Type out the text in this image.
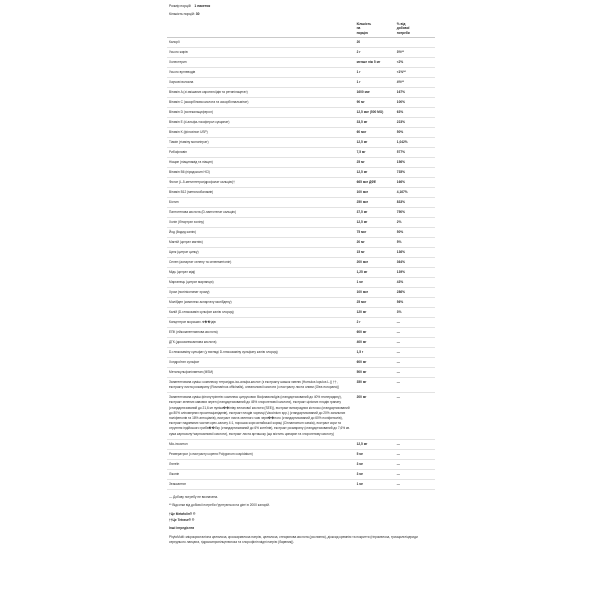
Розмір порцій 1 пакетик
Кількість порцій: 30
	Кількість
на
порцію	% від
добової
потреби
Калорії	20	
Усього жирів	2 г	3%**
Холестерин	менше ніж 5 мг	<2%
Усього вуглеводів	1 г	<1%**
Харчові волокна	1 г	4%**
Вітамін A (зі змішаних каротиноїдів та ретинілацетат)	1600 мкг	167%
Вітамін C (аскорбінова кислота та аскорбілпальмітат)	90 мг	100%
Вітамін D (холекальциферол)	12,5 мкг (500 МО)	63%
Вітамін E (d-альфа-токоферол сукцинат)	33,5 мг	223%
Вітамін K (філохінон USP)	60 мкг	50%
Тіамін (тіаміну мононітрат)	12,5 мг	1,042%
Рибофлавін	7,5 мг	577%
Ніацин (ніацинамід та ніацин)	25 мг	156%
Вітамін B6 (піридоксин HCl)	12,5 мг	735%
Фолат (L-5-метилтетрагідрофолат кальцію)†	665 мкг ДФЕ	166%
Вітамін B12 (метилкобаламін)	100 мкг	4,167%
Біотин	250 мкг	833%
Пантотенова кислота (D-пантотенат кальцію)	37,5 мг	750%
Холін (бітартрат холіну)	12,5 мг	2%
Йод (йодид калію)	75 мкг	50%
Магній (цитрат магнію)	20 мг	5%
Цинк (цитрат цинку)	15 мг	136%
Селен (аспартат селену та селенметіонін)	200 мкг	364%
Мідь (цитрат міді)	1,25 мг	139%
Марганець (цитрат марганцю)	1 мг	43%
Хром (полінікотинат хрому)	100 мкг	286%
Молібден (комплекс аспартату молібдену)	25 мкг	56%
Калій (D-глюкозамін сульфат калію хлорид)	120 мг	3%
Концентрат морських лі��ідів	2 г	—
ЕПК (ейкозапентаєнова кислота)	600 мг	—
ДГК (докозагексаєнова кислота)	400 мг	—
D-глюкозаміну сульфат (у вигляді D-глюкозаміну сульфату калію хлорид)	1,5 г	—
Хондроїтин сульфат	600 мг	—
Метилсульфонілметан (MSM)	500 мг	—
Запатентована суміш: комплексу тетрагідро-ізо-альфа-кислот (з екстракту шишок хмелю (Humulus lupulus L.)) †† , екстракту листа розмарину (Rosmarinus officinalis), олеанолової кислоти (з екстракту листа оливи (Olea europaea))	350 мг	—
Запатентована суміш фітонутрієнтів: комплекс цитрусових біофлавоноїдів (стандартизований до 40% гесперидину), екстракт зелених кавових зерен (стандартизований до 45% хлорогенової кислоти), екстракт цілісних плодів гранату (стандартизований до 21,6 мг пуніка��ініву еллагової кислоти (SEE)), екстракт виноградних кісточок (стандартизований до 80% олігомерних проантоціанідинів), екстракт плодів чорниці (Vaccinium spp.) (стандартизований до 20% загальних поліфенолів та 18% антоціанів), екстракт листа зеленого чаю черв��ного (стандартизований до 60% поліфенолів), екстракт надземних частин крес-салату 4:1, порошок кори китайської кориці (Cinnamomum cassia), екстракт кори та отруєння індійського гриба��бку (стандартизований до 6% котеїнів), екстракт розмарину (стандартизований до 7,6% кв. сума карнозолу+карнозинової кислоти), екстракт листа артишоку (що містить цинарин та хлорогенову кислоту)	200 мг	—
Міо-інозитол	12,5 мг	—
Ресвератрол (з екстракту кореня Polygonum cuspidatum)	5 мг	—
Лютеїн	3 мг	—
Лікопін	3 мг	—
Зеаксантин	1 мг	—

— Добову потребу не визначена.

** Відсотки від добової потреби ґрунтуються на дієті в 2000 калорій.

†Це Metafolin® ®

††Це Tetrase® ®

Інші інгредієнти

PhytoMulti: мікрокристалічна целюлоза, кроскармелоза натрію, целюлоза, стеаринова кислота (рослинна), діоксид кремнію та покриття (гіпромелоза, триацилгліцериди середнього ланцюга, гідроксипропілцелюлоза та хлорофілін мідні натрію (барвник)).
